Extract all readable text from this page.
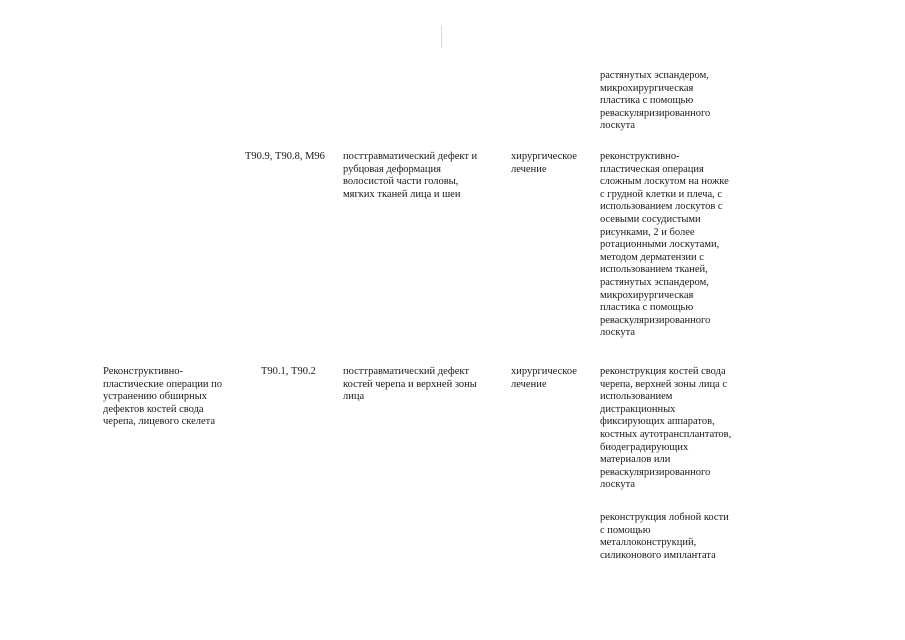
растянутых эспандером,
микрохирургическая
пластика с помощью
реваскуляризированного
лоскута
Т90.9, Т90.8, М96	посттравматический дефект и
рубцовая деформация
волосистой части головы,
мягких тканей лица и шеи
хирургическое
лечение
реконструктивно-
пластическая операция
сложным лоскутом на ножке
с грудной клетки и плеча, с
использованием лоскутов с
осевыми сосудистыми
рисунками, 2 и более
ротационными лоскутами,
методом дерматензии с
использованием тканей,
растянутых эспандером,
микрохирургическая
пластика с помощью
реваскуляризированного
лоскута
Реконструктивно-
пластические операции по
устранению обширных
дефектов костей свода
черепа, лицевого скелета
Т90.1, Т90.2	посттравматический дефект
костей черепа и верхней зоны
лица
хирургическое
лечение
реконструкция костей свода
черепа, верхней зоны лица с
использованием
дистракционных
фиксирующих аппаратов,
костных аутотрансплантатов,
биодеградирующих
материалов или
реваскуляризированного
лоскута
реконструкция лобной кости
с помощью
металлоконструкций,
силиконового имплантата
